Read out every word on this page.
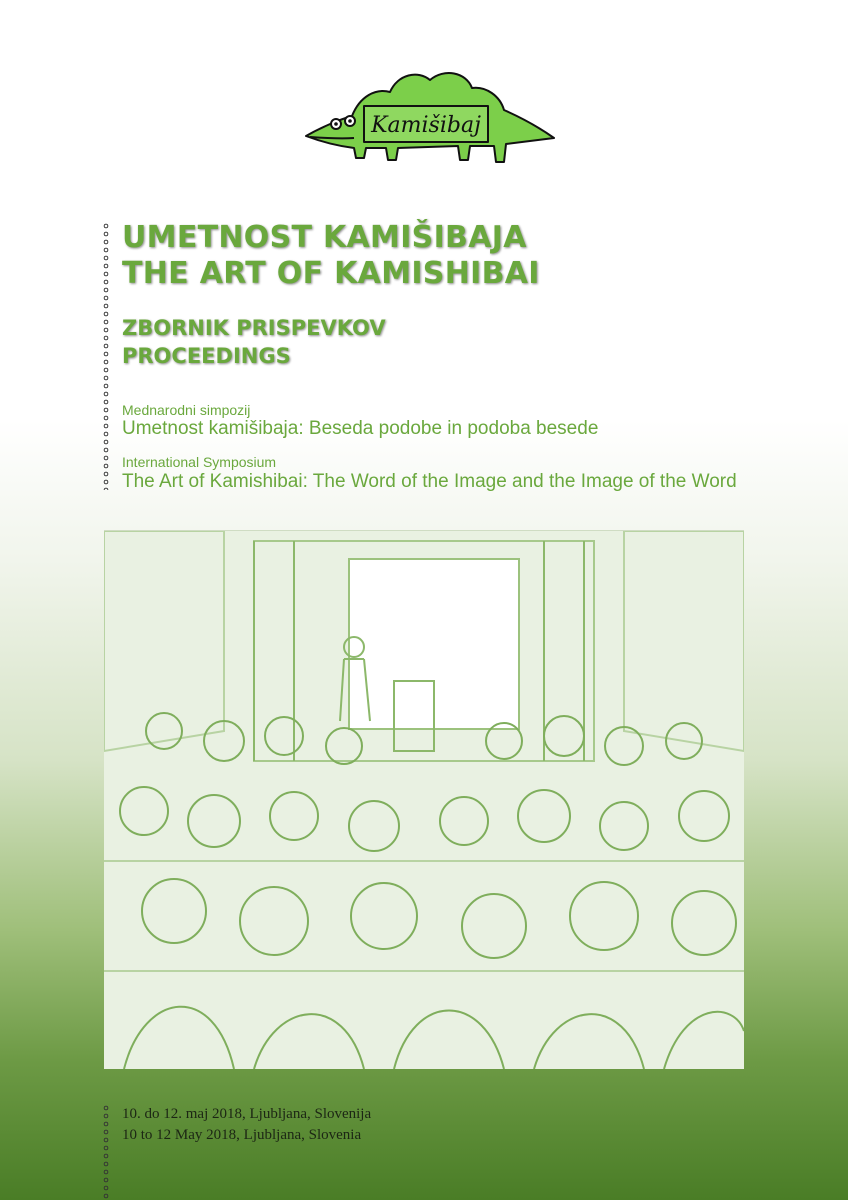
Kamišibaj
UMETNOST KAMIŠIBAJA
THE ART OF KAMISHIBAI
ZBORNIK PRISPEVKOV
PROCEEDINGS
Mednarodni simpozij
Umetnost kamišibaja: Beseda podobe in podoba besede
International Symposium
The Art of Kamishibai: The Word of the Image and the Image of the Word
10. do 12. maj 2018, Ljubljana, Slovenija
10 to 12 May 2018, Ljubljana, Slovenia
